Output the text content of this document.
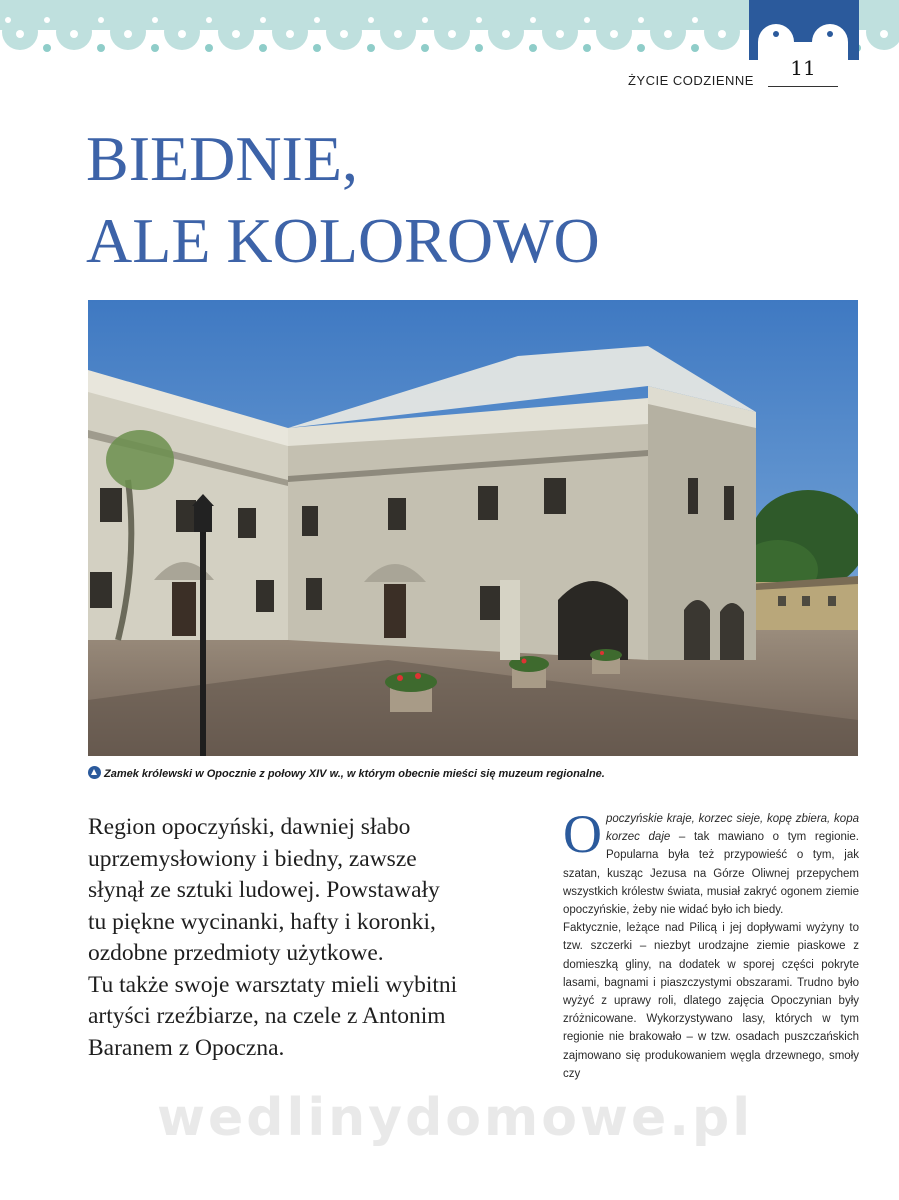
11
ŻYCIE CODZIENNE
BIEDNIE,
ALE KOLOROWO
Zamek królewski w Opocznie z połowy XIV w., w którym obecnie mieści się muzeum regionalne.

Region opoczyński, dawniej słabo

uprzemysłowiony i biedny, zawsze

słynął ze sztuki ludowej. Powstawały

tu piękne wycinanki, hafty i koronki,

ozdobne przedmioty użytkowe.

Tu także swoje warsztaty mieli wybitni

artyści rzeźbiarze, na czele z Antonim

Baranem z Opoczna.

Opoczyńskie kraje, korzec sieje, kopę zbiera, kopa korzec daje – tak mawiano o tym regionie. Popularna była też przypowieść o tym, jak szatan, kusząc Jezusa na Górze Oliwnej przepychem wszystkich królestw świata, musiał zakryć ogonem ziemie opoczyńskie, żeby nie widać było ich biedy.

Faktycznie, leżące nad Pilicą i jej dopływami wyżyny to tzw. szczerki – niezbyt urodzajne ziemie piaskowe z domieszką gliny, na dodatek w sporej części pokryte lasami, bagnami i piaszczystymi obszarami. Trudno było wyżyć z uprawy roli, dlatego zajęcia Opoczynian były zróżnicowane. Wykorzystywano lasy, których w tym regionie nie brakowało – w tzw. osadach puszczańskich zajmowano się produkowaniem węgla drzewnego, smoły czy

wedlinydomowe.pl
